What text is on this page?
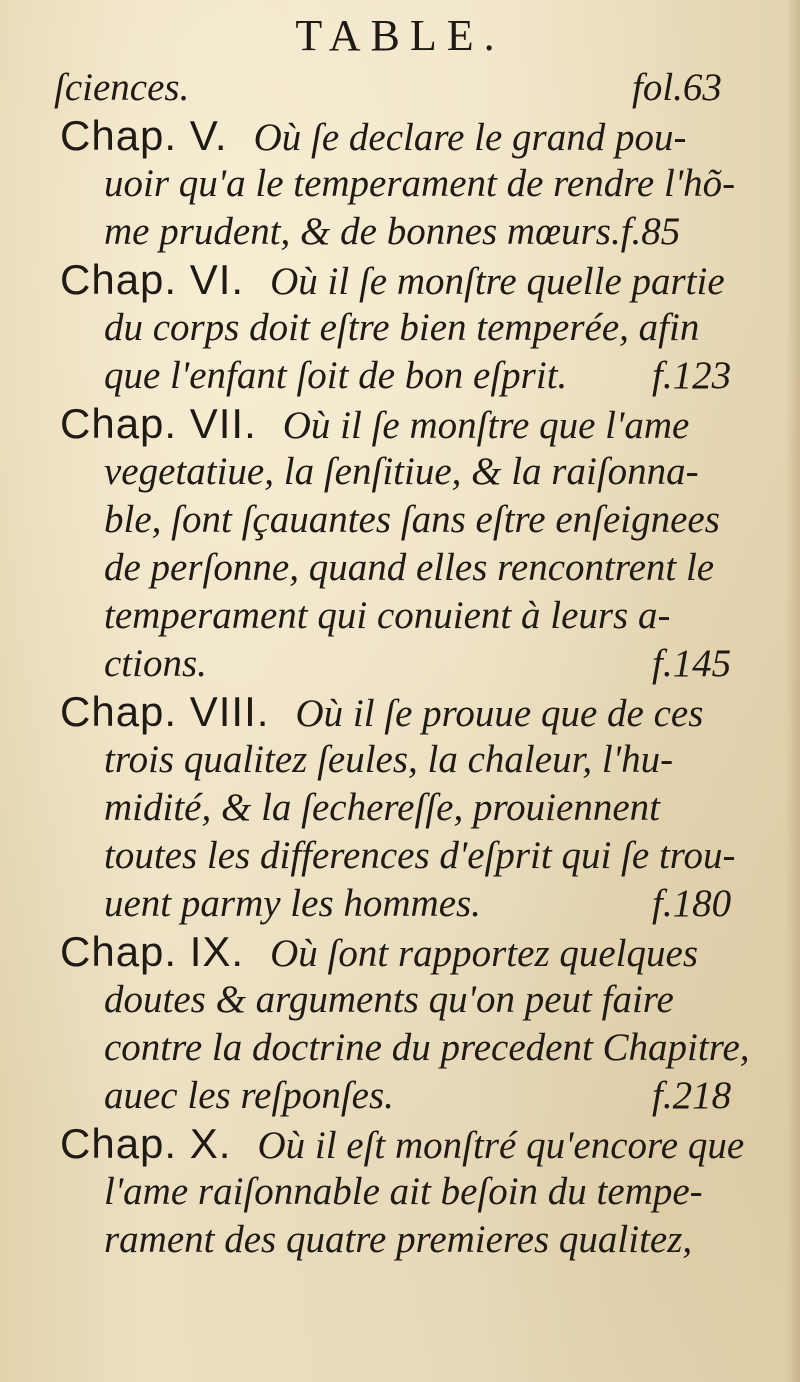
TABLE.
ſciences.	fol.63
Chap. V. Où ſe declare le grand pou-
uoir qu'a le temperament de rendre l'hõ-
me prudent, & de bonnes mœurs.f.85
Chap. VI. Où il ſe monſtre quelle partie
du corps doit eſtre bien temperée, afin
que l'enfant ſoit de bon eſprit. f.123
Chap. VII. Où il ſe monſtre que l'ame
vegetatiue, la ſenſitiue, & la raiſonna-
ble, ſont ſçauantes ſans eſtre enſeignees
de perſonne, quand elles rencontrent le
temperament qui conuient à leurs a-
ctions.	f.145
Chap. VIII. Où il ſe prouue que de ces
trois qualitez ſeules, la chaleur, l'hu-
midité, & la ſechereſſe, prouiennent
toutes les differences d'eſprit qui ſe trou-
uent parmy les hommes.	f.180
Chap. IX. Où ſont rapportez quelques
doutes & arguments qu'on peut faire
contre la doctrine du precedent Chapitre,
auec les reſponſes.	f.218
Chap. X. Où il eſt monſtré qu'encore que
l'ame raiſonnable ait beſoin du tempe-
rament des quatre premieres qualitez,
